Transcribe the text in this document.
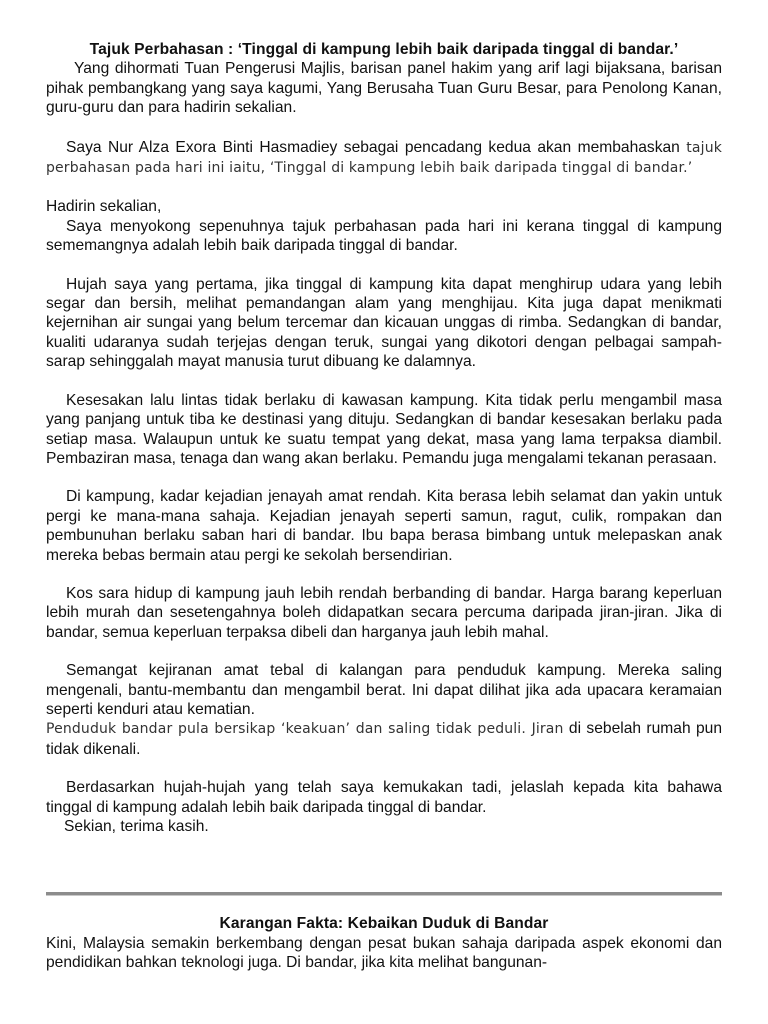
Tajuk Perbahasan : ‘Tinggal di kampung lebih baik daripada tinggal di bandar.’

Yang dihormati Tuan Pengerusi Majlis, barisan panel hakim yang arif lagi bijaksana, barisan pihak pembangkang yang saya kagumi, Yang Berusaha Tuan Guru Besar, para Penolong Kanan, guru-guru dan para hadirin sekalian.

Saya Nur Alza Exora Binti Hasmadiey sebagai pencadang kedua akan membahaskan tajuk perbahasan pada hari ini iaitu, ‘Tinggal di kampung lebih baik daripada tinggal di bandar.’

Hadirin sekalian,

Saya menyokong sepenuhnya tajuk perbahasan pada hari ini kerana tinggal di kampung sememangnya adalah lebih baik daripada tinggal di bandar.

Hujah saya yang pertama, jika tinggal di kampung kita dapat menghirup udara yang lebih segar dan bersih, melihat pemandangan alam yang menghijau. Kita juga dapat menikmati kejernihan air sungai yang belum tercemar dan kicauan unggas di rimba. Sedangkan di bandar, kualiti udaranya sudah terjejas dengan teruk, sungai yang dikotori dengan pelbagai sampah-sarap sehinggalah mayat manusia turut dibuang ke dalamnya.

Kesesakan lalu lintas tidak berlaku di kawasan kampung. Kita tidak perlu mengambil masa yang panjang untuk tiba ke destinasi yang dituju. Sedangkan di bandar kesesakan berlaku pada setiap masa. Walaupun untuk ke suatu tempat yang dekat, masa yang lama terpaksa diambil. Pembaziran masa, tenaga dan wang akan berlaku. Pemandu juga mengalami tekanan perasaan.

Di kampung, kadar kejadian jenayah amat rendah. Kita berasa lebih selamat dan yakin untuk pergi ke mana-mana sahaja. Kejadian jenayah seperti samun, ragut, culik, rompakan dan pembunuhan berlaku saban hari di bandar. Ibu bapa berasa bimbang untuk melepaskan anak mereka bebas bermain atau pergi ke sekolah bersendirian.

Kos sara hidup di kampung jauh lebih rendah berbanding di bandar. Harga barang keperluan lebih murah dan sesetengahnya boleh didapatkan secara percuma daripada jiran-jiran. Jika di bandar, semua keperluan terpaksa dibeli dan harganya jauh lebih mahal.

Semangat kejiranan amat tebal di kalangan para penduduk kampung. Mereka saling mengenali, bantu-membantu dan mengambil berat. Ini dapat dilihat jika ada upacara keramaian seperti kenduri atau kematian.

Penduduk bandar pula bersikap ‘keakuan’ dan saling tidak peduli. Jiran di sebelah rumah pun tidak dikenali.

Berdasarkan hujah-hujah yang telah saya kemukakan tadi, jelaslah kepada kita bahawa tinggal di kampung adalah lebih baik daripada tinggal di bandar.

Sekian, terima kasih.

Karangan Fakta: Kebaikan Duduk di Bandar

Kini, Malaysia semakin berkembang dengan pesat bukan sahaja daripada aspek ekonomi dan pendidikan bahkan teknologi juga. Di bandar, jika kita melihat bangunan-
